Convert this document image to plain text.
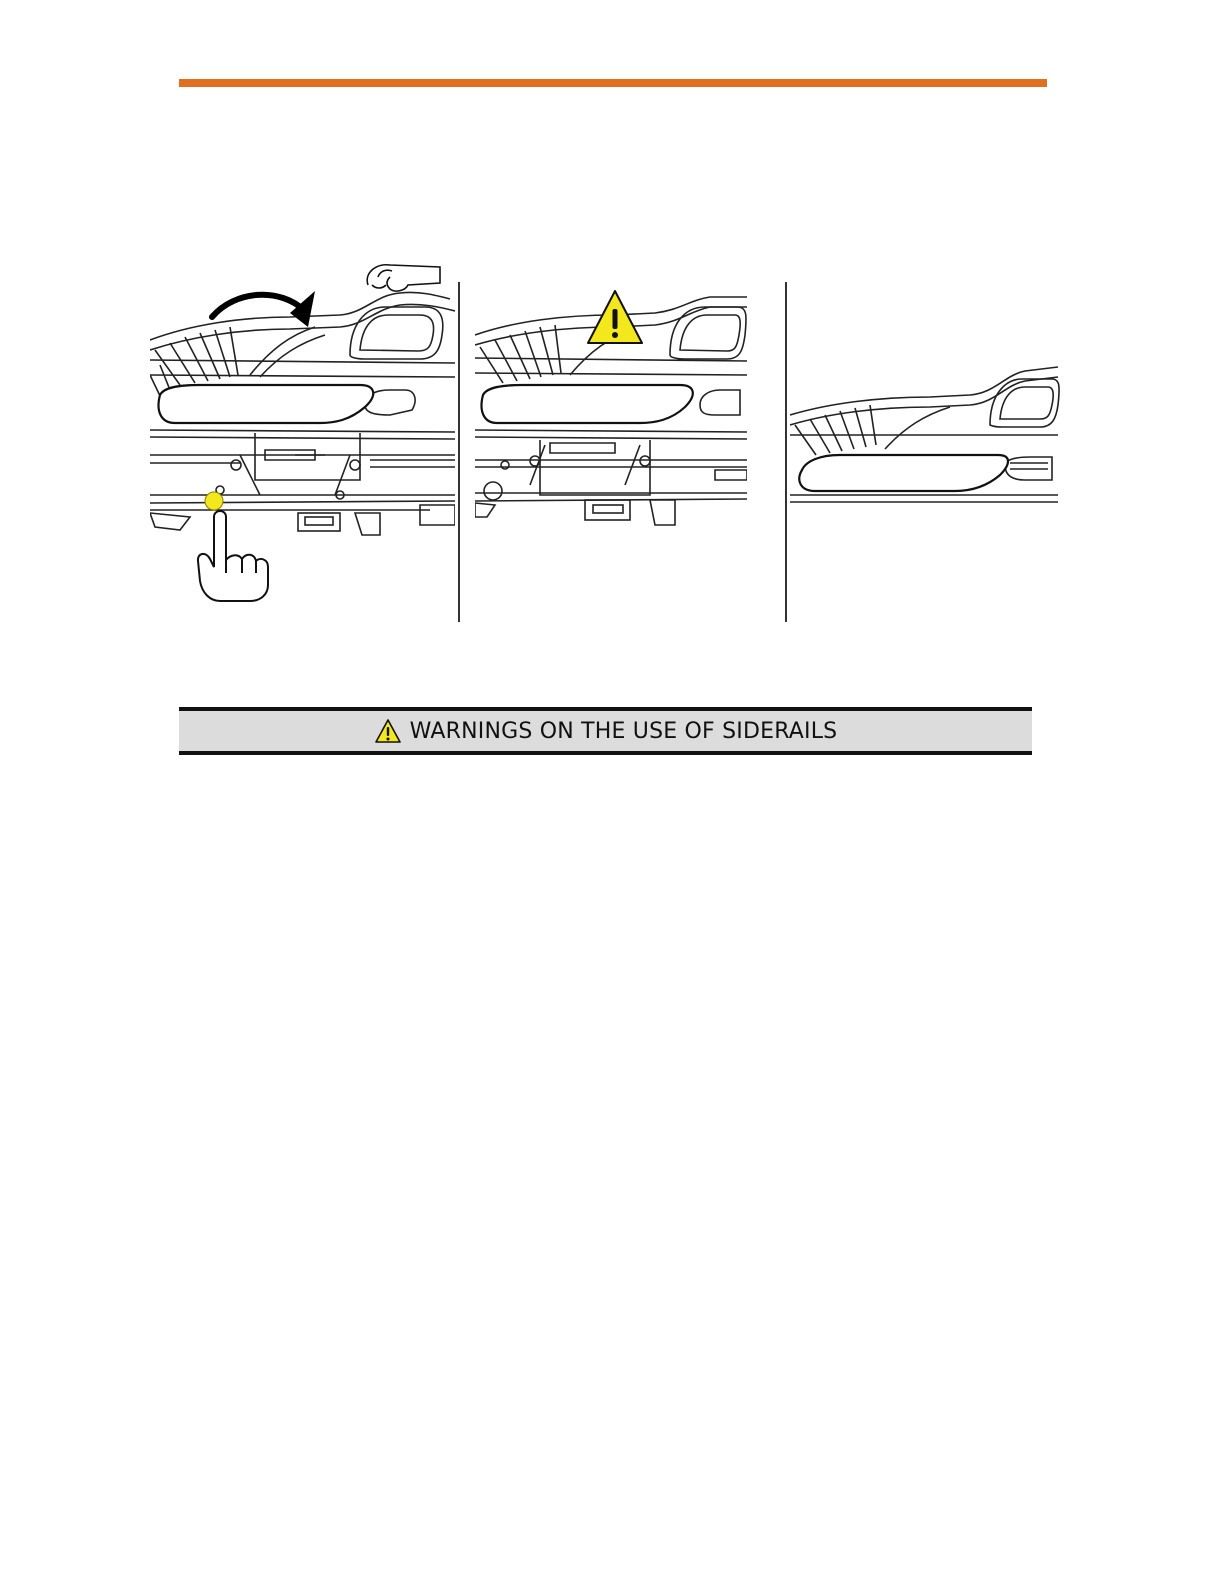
WARNINGS ON THE USE OF SIDERAILS
